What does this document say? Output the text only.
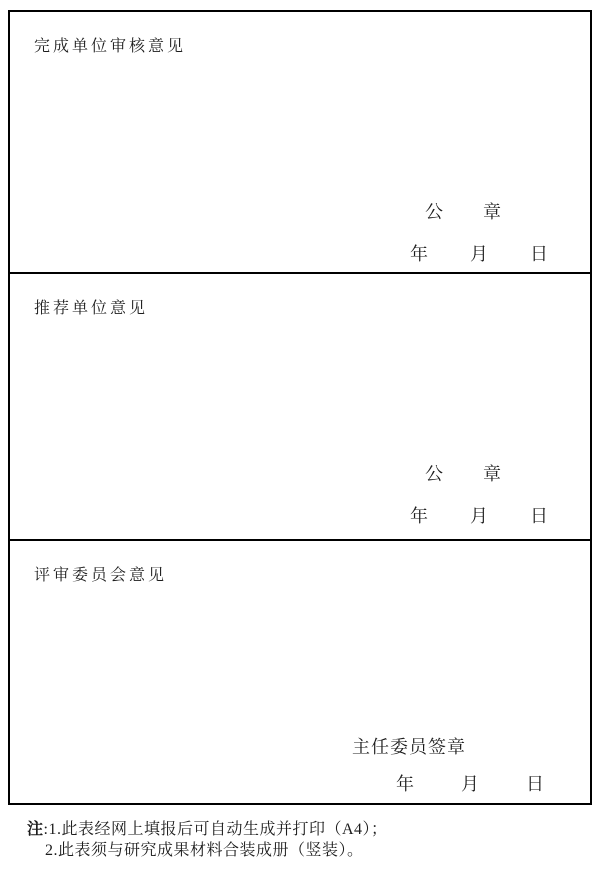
完成单位审核意见
公章
年月日
推荐单位意见
公章
年月日
评审委员会意见
主任委员签章
年月日
注:1.此表经网上填报后可自动生成并打印（A4）；
2.此表须与研究成果材料合装成册（竖装）。
